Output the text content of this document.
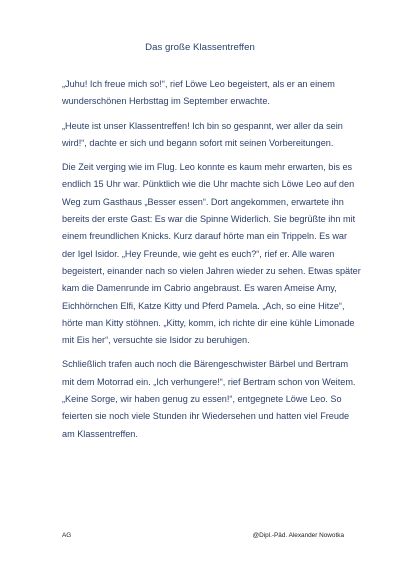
Das große Klassentreffen

„Juhu! Ich freue mich so!“, rief Löwe Leo begeistert, als er an einem wunderschönen Herbsttag im September erwachte.

„Heute ist unser Klassentreffen! Ich bin so gespannt, wer aller da sein wird!“, dachte er sich und begann sofort mit seinen Vorbereitungen.

Die Zeit verging wie im Flug. Leo konnte es kaum mehr erwarten, bis es endlich 15 Uhr war. Pünktlich wie die Uhr machte sich Löwe Leo auf den Weg zum Gasthaus „Besser essen“. Dort angekommen, erwartete ihn bereits der erste Gast: Es war die Spinne Widerlich. Sie begrüßte ihn mit einem freundlichen Knicks. Kurz darauf hörte man ein Trippeln. Es war der Igel Isidor. „Hey Freunde, wie geht es euch?“, rief er. Alle waren begeistert, einander nach so vielen Jahren wieder zu sehen. Etwas später kam die Damenrunde im Cabrio angebraust. Es waren Ameise Amy, Eichhörnchen Elfi, Katze Kitty und Pferd Pamela. „Ach, so eine Hitze“, hörte man Kitty stöhnen. „Kitty, komm, ich richte dir eine kühle Limonade mit Eis her“, versuchte sie Isidor zu beruhigen.

Schließlich trafen auch noch die Bärengeschwister Bärbel und Bertram mit dem Motorrad ein. „Ich verhungere!“, rief Bertram schon von Weitem. „Keine Sorge, wir haben genug zu essen!“, entgegnete Löwe Leo. So feierten sie noch viele Stunden ihr Wiedersehen und hatten viel Freude am Klassentreffen.

AG	@Dipl.-Päd. Alexander Nowotka
